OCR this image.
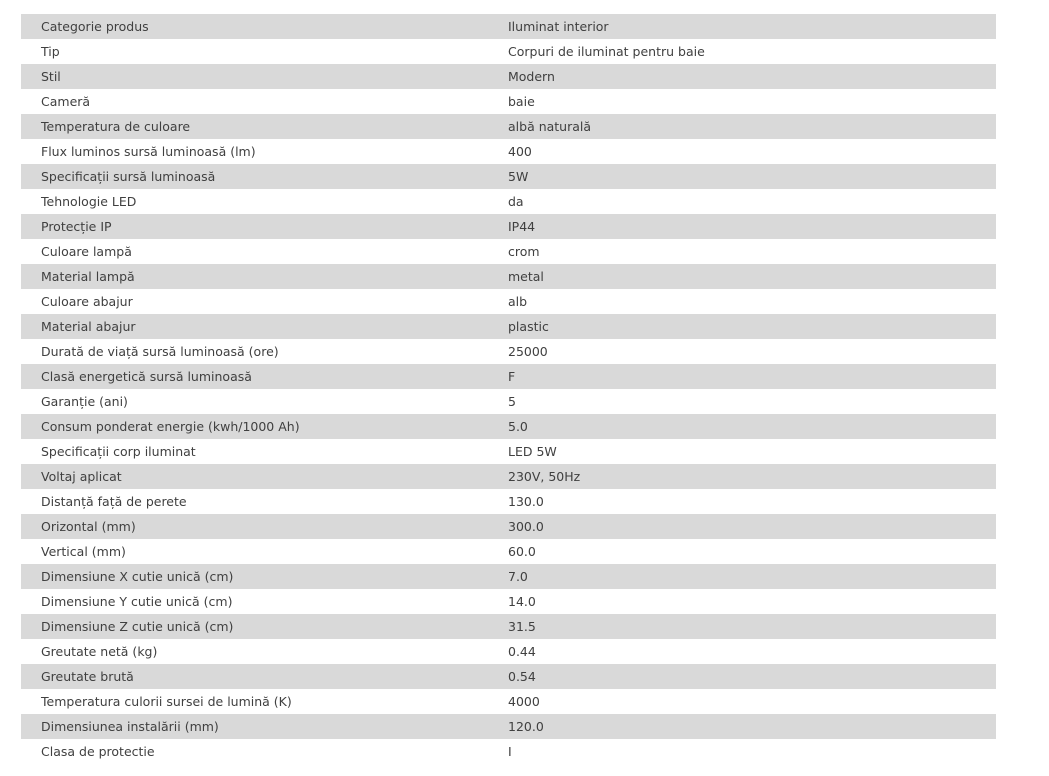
Categorie produs	Iluminat interior
Tip	Corpuri de iluminat pentru baie
Stil	Modern
Cameră	baie
Temperatura de culoare	albă naturală
Flux luminos sursă luminoasă (lm)	400
Specificații sursă luminoasă	5W
Tehnologie LED	da
Protecție IP	IP44
Culoare lampă	crom
Material lampă	metal
Culoare abajur	alb
Material abajur	plastic
Durată de viață sursă luminoasă (ore)	25000
Clasă energetică sursă luminoasă	F
Garanție (ani)	5
Consum ponderat energie (kwh/1000 Ah)	5.0
Specificații corp iluminat	LED 5W
Voltaj aplicat	230V, 50Hz
Distanță față de perete	130.0
Orizontal (mm)	300.0
Vertical (mm)	60.0
Dimensiune X cutie unică (cm)	7.0
Dimensiune Y cutie unică (cm)	14.0
Dimensiune Z cutie unică (cm)	31.5
Greutate netă (kg)	0.44
Greutate brută	0.54
Temperatura culorii sursei de lumină (K)	4000
Dimensiunea instalării (mm)	120.0
Clasa de protectie	I
